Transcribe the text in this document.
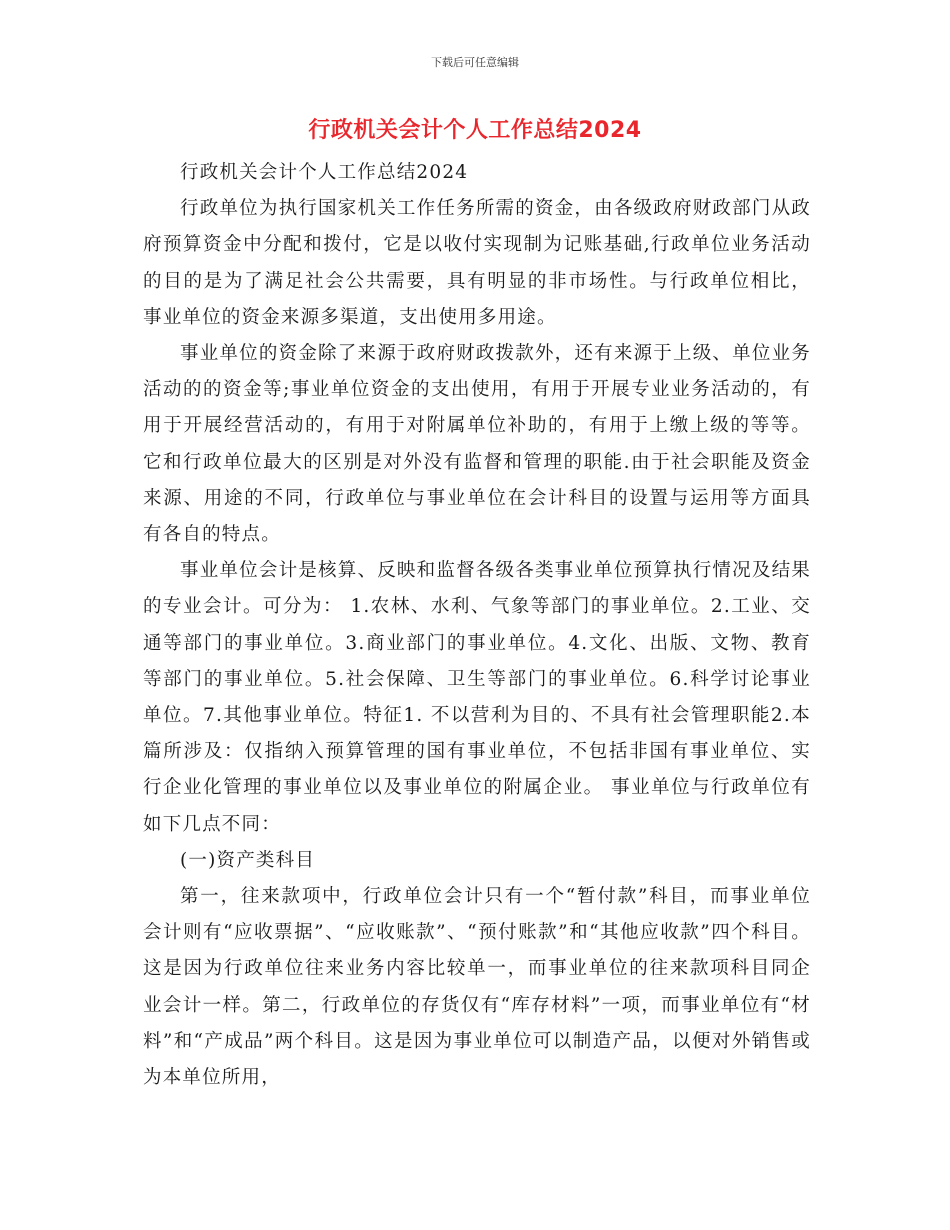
下载后可任意编辑
行政机关会计个人工作总结2024

行政机关会计个人工作总结2024

行政单位为执行国家机关工作任务所需的资金，由各级政府财政部门从政府预算资金中分配和拨付，它是以收付实现制为记账基础,行政单位业务活动的目的是为了满足社会公共需要，具有明显的非市场性。与行政单位相比，事业单位的资金来源多渠道，支出使用多用途。

事业单位的资金除了来源于政府财政拨款外，还有来源于上级、单位业务活动的的资金等;事业单位资金的支出使用，有用于开展专业业务活动的，有用于开展经营活动的，有用于对附属单位补助的，有用于上缴上级的等等。它和行政单位最大的区别是对外没有监督和管理的职能.由于社会职能及资金来源、用途的不同，行政单位与事业单位在会计科目的设置与运用等方面具有各自的特点。

事业单位会计是核算、反映和监督各级各类事业单位预算执行情况及结果的专业会计。可分为： 1.农林、水利、气象等部门的事业单位。2.工业、交通等部门的事业单位。3.商业部门的事业单位。4.文化、出版、文物、教育等部门的事业单位。5.社会保障、卫生等部门的事业单位。6.科学讨论事业单位。7.其他事业单位。特征1. 不以营利为目的、不具有社会管理职能2.本篇所涉及：仅指纳入预算管理的国有事业单位，不包括非国有事业单位、实行企业化管理的事业单位以及事业单位的附属企业。 事业单位与行政单位有如下几点不同：

(一)资产类科目

第一，往来款项中，行政单位会计只有一个“暂付款”科目，而事业单位会计则有“应收票据”、“应收账款”、“预付账款”和“其他应收款”四个科目。这是因为行政单位往来业务内容比较单一，而事业单位的往来款项科目同企业会计一样。第二，行政单位的存货仅有“库存材料”一项，而事业单位有“材料”和“产成品”两个科目。这是因为事业单位可以制造产品，以便对外销售或为本单位所用，
